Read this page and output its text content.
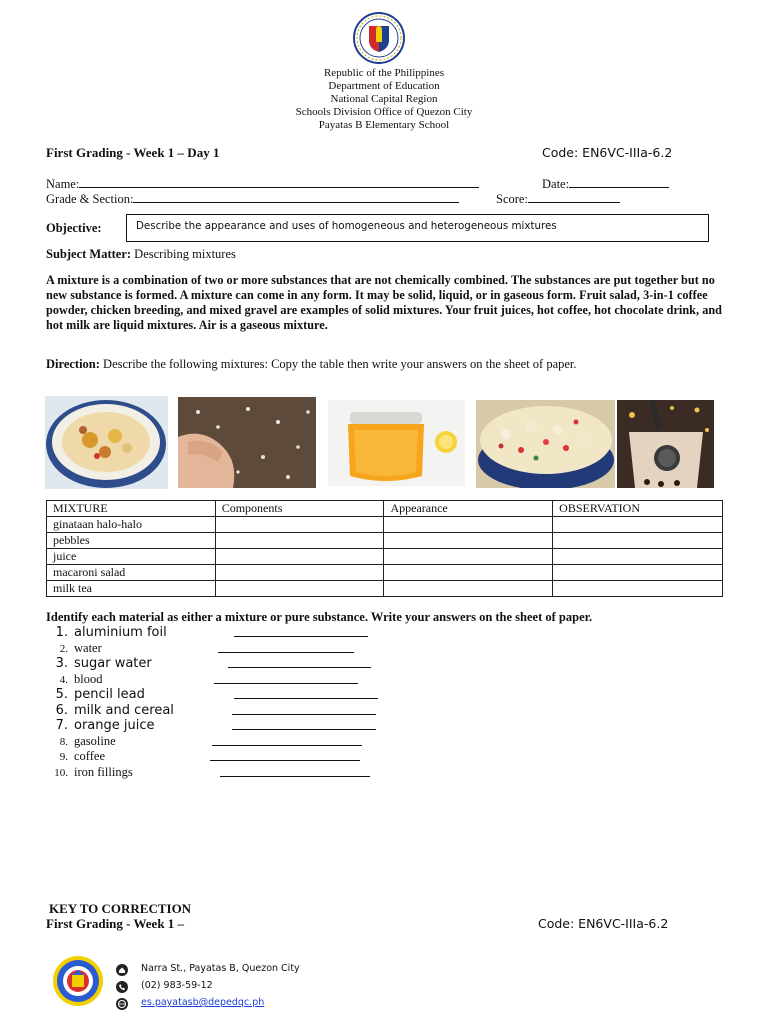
Republic of the Philippines
Department of Education
National Capital Region
Schools Division Office of Quezon City
Payatas B Elementary School
First Grading - Week 1 – Day 1	Code: EN6VC-IIIa-6.2
Name:	Date:
Grade & Section:	Score:
Objective:	Describe the appearance and uses of homogeneous and heterogeneous mixtures
Subject Matter: Describing mixtures
A mixture is a combination of two or more substances that are not chemically combined. The substances are put together but no new substance is formed. A mixture can come in any form. It may be solid, liquid, or in gaseous form. Fruit salad, 3-in-1 coffee powder, chicken breeding, and mixed gravel are examples of solid mixtures. Your fruit juices, hot coffee, hot chocolate drink, and hot milk are liquid mixtures. Air is a gaseous mixture.
Direction: Describe the following mixtures: Copy the table then write your answers on the sheet of paper.
MIXTURE	Components	Appearance	OBSERVATION
ginataan halo-halo			
pebbles			
juice			
macaroni salad			
milk tea			
Identify each material as either a mixture or pure substance. Write your answers on the sheet of paper.
1. aluminium foil
2. water
3. sugar water
4. blood
5. pencil lead
6. milk and cereal
7. orange juice
8. gasoline
9. coffee
10. iron fillings
KEY TO CORRECTION
First Grading - Week 1 –	Code: EN6VC-IIIa-6.2
Narra St., Payatas B, Quezon City
(02) 983-59-12
es.payatasb@depedqc.ph
